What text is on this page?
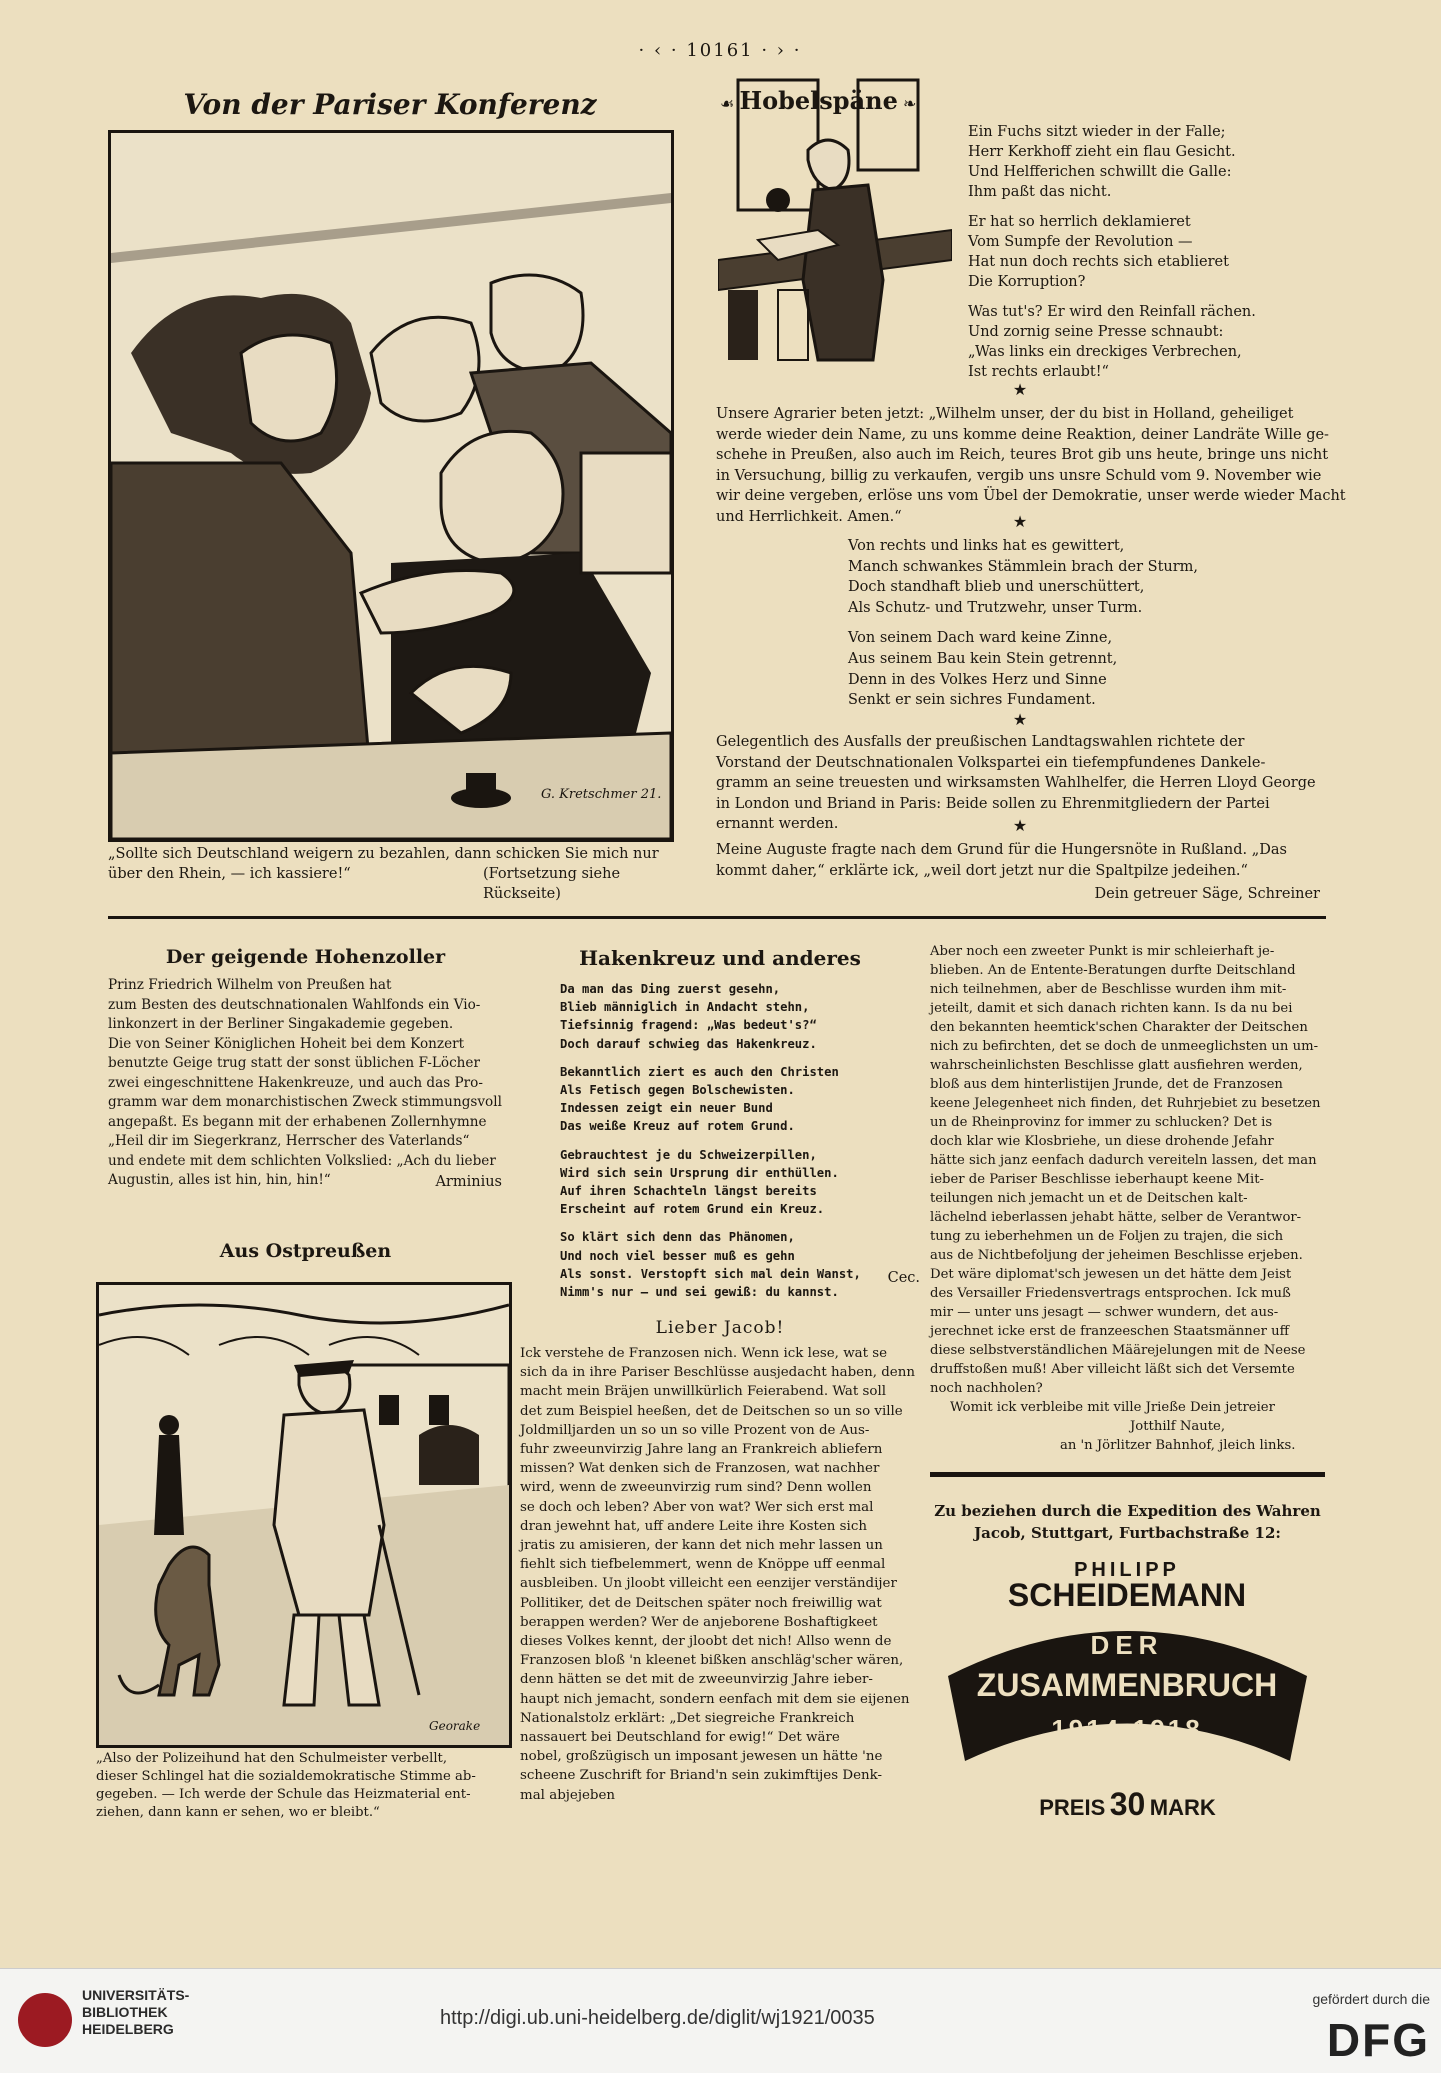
· ‹ · 10161 · › ·
Von der Pariser Konferenz
G. Kretschmer 21.
„Sollte sich Deutschland weigern zu bezahlen, dann schicken Sie mich nur
über den Rhein, — ich kassiere!“	(Fortsetzung siehe Rückseite)
☙ Hobelspäne ❧
Ein Fuchs sitzt wieder in der Falle;
Herr Kerkhoff zieht ein flau Gesicht.
Und Helfferichen schwillt die Galle:
Ihm paßt das nicht.
Er hat so herrlich deklamieret
Vom Sumpfe der Revolution —
Hat nun doch rechts sich etablieret
Die Korruption?
Was tut's? Er wird den Reinfall rächen.
Und zornig seine Presse schnaubt:
„Was links ein dreckiges Verbrechen,
Ist rechts erlaubt!“
★
Unsere Agrarier beten jetzt: „Wilhelm unser, der du bist in Holland, geheiliget
werde wieder dein Name, zu uns komme deine Reaktion, deiner Landräte Wille ge-
schehe in Preußen, also auch im Reich, teures Brot gib uns heute, bringe uns nicht
in Versuchung, billig zu verkaufen, vergib uns unsre Schuld vom 9. November wie
wir deine vergeben, erlöse uns vom Übel der Demokratie, unser werde wieder Macht
und Herrlichkeit. Amen.“	★
Von rechts und links hat es gewittert,
Manch schwankes Stämmlein brach der Sturm,
Doch standhaft blieb und unerschüttert,
Als Schutz- und Trutzwehr, unser Turm.
Von seinem Dach ward keine Zinne,
Aus seinem Bau kein Stein getrennt,
Denn in des Volkes Herz und Sinne
Senkt er sein sichres Fundament.
★
Gelegentlich des Ausfalls der preußischen Landtagswahlen richtete der
Vorstand der Deutschnationalen Volkspartei ein tiefempfundenes Dankele-
gramm an seine treuesten und wirksamsten Wahlhelfer, die Herren Lloyd George
in London und Briand in Paris: Beide sollen zu Ehrenmitgliedern der Partei
ernannt werden.	★
Meine Auguste fragte nach dem Grund für die Hungersnöte in Rußland. „Das
kommt daher,“ erklärte ick, „weil dort jetzt nur die Spaltpilze jedeihen.“
Dein getreuer Säge, Schreiner
Der geigende Hohenzoller
Prinz Friedrich Wilhelm von Preußen hat
zum Besten des deutschnationalen Wahlfonds ein Vio-
linkonzert in der Berliner Singakademie gegeben.
Die von Seiner Königlichen Hoheit bei dem Konzert
benutzte Geige trug statt der sonst üblichen F-Löcher
zwei eingeschnittene Hakenkreuze, und auch das Pro-
gramm war dem monarchistischen Zweck stimmungsvoll
angepaßt. Es begann mit der erhabenen Zollernhymne
„Heil dir im Siegerkranz, Herrscher des Vaterlands“
und endete mit dem schlichten Volkslied: „Ach du lieber
Augustin, alles ist hin, hin, hin!“	Arminius
Aus Ostpreußen
Georake
„Also der Polizeihund hat den Schulmeister verbellt,
dieser Schlingel hat die sozialdemokratische Stimme ab-
gegeben. — Ich werde der Schule das Heizmaterial ent-
ziehen, dann kann er sehen, wo er bleibt.“
Hakenkreuz und anderes
Da man das Ding zuerst gesehn,
Blieb männiglich in Andacht stehn,
Tiefsinnig fragend: „Was bedeut's?“
Doch darauf schwieg das Hakenkreuz.
Bekanntlich ziert es auch den Christen
Als Fetisch gegen Bolschewisten.
Indessen zeigt ein neuer Bund
Das weiße Kreuz auf rotem Grund.
Gebrauchtest je du Schweizerpillen,
Wird sich sein Ursprung dir enthüllen.
Auf ihren Schachteln längst bereits
Erscheint auf rotem Grund ein Kreuz.
So klärt sich denn das Phänomen,
Und noch viel besser muß es gehn
Als sonst. Verstopft sich mal dein Wanst,
Nimm's nur — und sei gewiß: du kannst.
Cec.
Lieber Jacob!
Ick verstehe de Franzosen nich. Wenn ick lese, wat se
sich da in ihre Pariser Beschlüsse ausjedacht haben, denn
macht mein Bräjen unwillkürlich Feierabend. Wat soll
det zum Beispiel heeßen, det de Deitschen so un so ville
Joldmilljarden un so un so ville Prozent von de Aus-
fuhr zweeunvirzig Jahre lang an Frankreich abliefern
missen? Wat denken sich de Franzosen, wat nachher
wird, wenn de zweeunvirzig rum sind? Denn wollen
se doch och leben? Aber von wat? Wer sich erst mal
dran jewehnt hat, uff andere Leite ihre Kosten sich
jratis zu amisieren, der kann det nich mehr lassen un
fiehlt sich tiefbelemmert, wenn de Knöppe uff eenmal
ausbleiben. Un jloobt villeicht een eenzijer verständijer
Pollitiker, det de Deitschen später noch freiwillig wat
berappen werden? Wer de anjeborene Boshaftigkeet
dieses Volkes kennt, der jloobt det nich! Allso wenn de
Franzosen bloß 'n kleenet bißken anschläg'scher wären,
denn hätten se det mit de zweeunvirzig Jahre ieber-
haupt nich jemacht, sondern eenfach mit dem sie eijenen
Nationalstolz erklärt: „Det siegreiche Frankreich
nassauert bei Deutschland for ewig!“ Det wäre
nobel, großzügisch un imposant jewesen un hätte 'ne
scheene Zuschrift for Briand'n sein zukimftijes Denk-
mal abjejeben
Aber noch een zweeter Punkt is mir schleierhaft je-
blieben. An de Entente-Beratungen durfte Deitschland
nich teilnehmen, aber de Beschlisse wurden ihm mit-
jeteilt, damit et sich danach richten kann. Is da nu bei
den bekannten heemtick'schen Charakter der Deitschen
nich zu befirchten, det se doch de unmeeglichsten un um-
wahrscheinlichsten Beschlisse glatt ausfiehren werden,
bloß aus dem hinterlistijen Jrunde, det de Franzosen
keene Jelegenheet nich finden, det Ruhrjebiet zu besetzen
un de Rheinprovinz for immer zu schlucken? Det is
doch klar wie Klosbriehe, un diese drohende Jefahr
hätte sich janz eenfach dadurch vereiteln lassen, det man
ieber de Pariser Beschlisse ieberhaupt keene Mit-
teilungen nich jemacht un et de Deitschen kalt-
lächelnd ieberlassen jehabt hätte, selber de Verantwor-
tung zu ieberhehmen un de Foljen zu trajen, die sich
aus de Nichtbefoljung der jeheimen Beschlisse erjeben.
Det wäre diplomat'sch jewesen un det hätte dem Jeist
des Versailler Friedensvertrags entsprochen. Ick muß
mir — unter uns jesagt — schwer wundern, det aus-
jerechnet icke erst de franzeeschen Staatsmänner uff
diese selbstverständlichen Määrejelungen mit de Neese
druffstoßen muß! Aber villeicht läßt sich det Versemte
noch nachholen?
Womit ick verbleibe mit ville Jrieße Dein jetreier
Jotthilf Naute,
an 'n Jörlitzer Bahnhof, jleich links.
Zu beziehen durch die Expedition des Wahren
Jacob, Stuttgart, Furtbachstraße 12:
PHILIPP
SCHEIDEMANN
DER
ZUSAMMENBRUCH
1914-1918
PREIS 30 MARK
UNIVERSITÄTS-
BIBLIOTHEK
HEIDELBERG	http://digi.ub.uni-heidelberg.de/diglit/wj1921/0035
gefördert durch die
DFG
